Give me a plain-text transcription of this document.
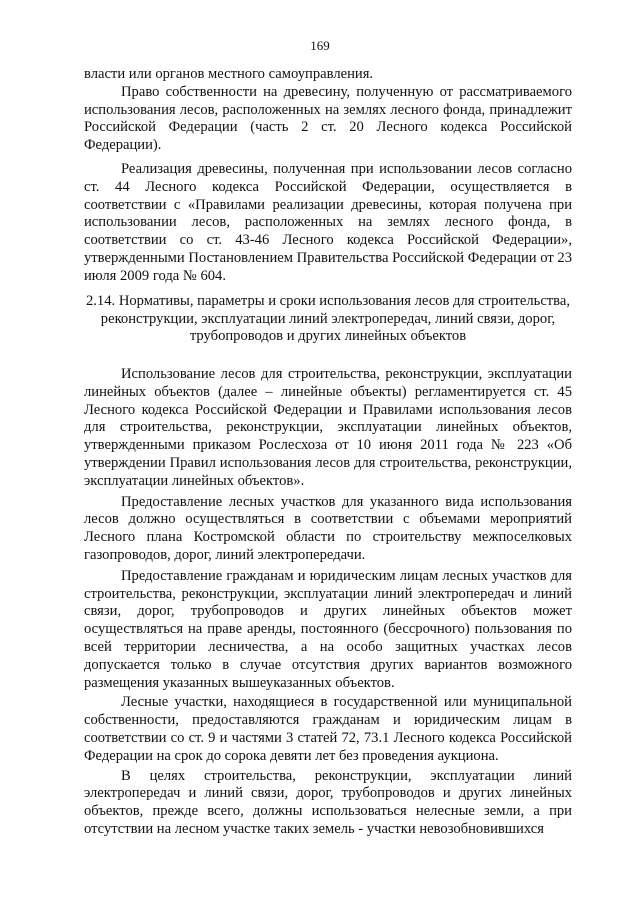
169

власти или органов местного самоуправления.

Право собственности на древесину, полученную от рассматриваемого использования лесов, расположенных на землях лесного фонда, принадлежит Российской Федерации (часть 2 ст. 20 Лесного кодекса Российской Федерации).

Реализация древесины, полученная при использовании лесов согласно ст. 44 Лесного кодекса Российской Федерации, осуществляется в соответствии с «Правилами реализации древесины, которая получена при использовании лесов, расположенных на землях лесного фонда, в соответствии со ст. 43-46 Лесного кодекса Российской Федерации», утвержденными Постановлением Правительства Российской Федерации от 23 июля 2009 года № 604.

2.14. Нормативы, параметры и сроки использования лесов для строительства, реконструкции, эксплуатации линий электропередач, линий связи, дорог, трубопроводов и других линейных объектов

Использование лесов для строительства, реконструкции, эксплуатации линейных объектов (далее – линейные объекты) регламентируется ст. 45 Лесного кодекса Российской Федерации и Правилами использования лесов для строительства, реконструкции, эксплуатации линейных объектов, утвержденными приказом Рослесхоза от 10 июня 2011 года № 223 «Об утверждении Правил использования лесов для строительства, реконструкции, эксплуатации линейных объектов».

Предоставление лесных участков для указанного вида использования лесов должно осуществляться в соответствии с объемами мероприятий Лесного плана Костромской области по строительству межпоселковых газопроводов, дорог, линий электропередачи.

Предоставление гражданам и юридическим лицам лесных участков для строительства, реконструкции, эксплуатации линий электропередач и линий связи, дорог, трубопроводов и других линейных объектов может осуществляться на праве аренды, постоянного (бессрочного) пользования по всей территории лесничества, а на особо защитных участках лесов допускается только в случае отсутствия других вариантов возможного размещения указанных вышеуказанных объектов.

Лесные участки, находящиеся в государственной или муниципальной собственности, предоставляются гражданам и юридическим лицам в соответствии со ст. 9 и частями 3 статей 72, 73.1 Лесного кодекса Российской Федерации на срок до сорока девяти лет без проведения аукциона.

В целях строительства, реконструкции, эксплуатации линий электропередач и линий связи, дорог, трубопроводов и других линейных объектов, прежде всего, должны использоваться нелесные земли, а при отсутствии на лесном участке таких земель - участки невозобновившихся
